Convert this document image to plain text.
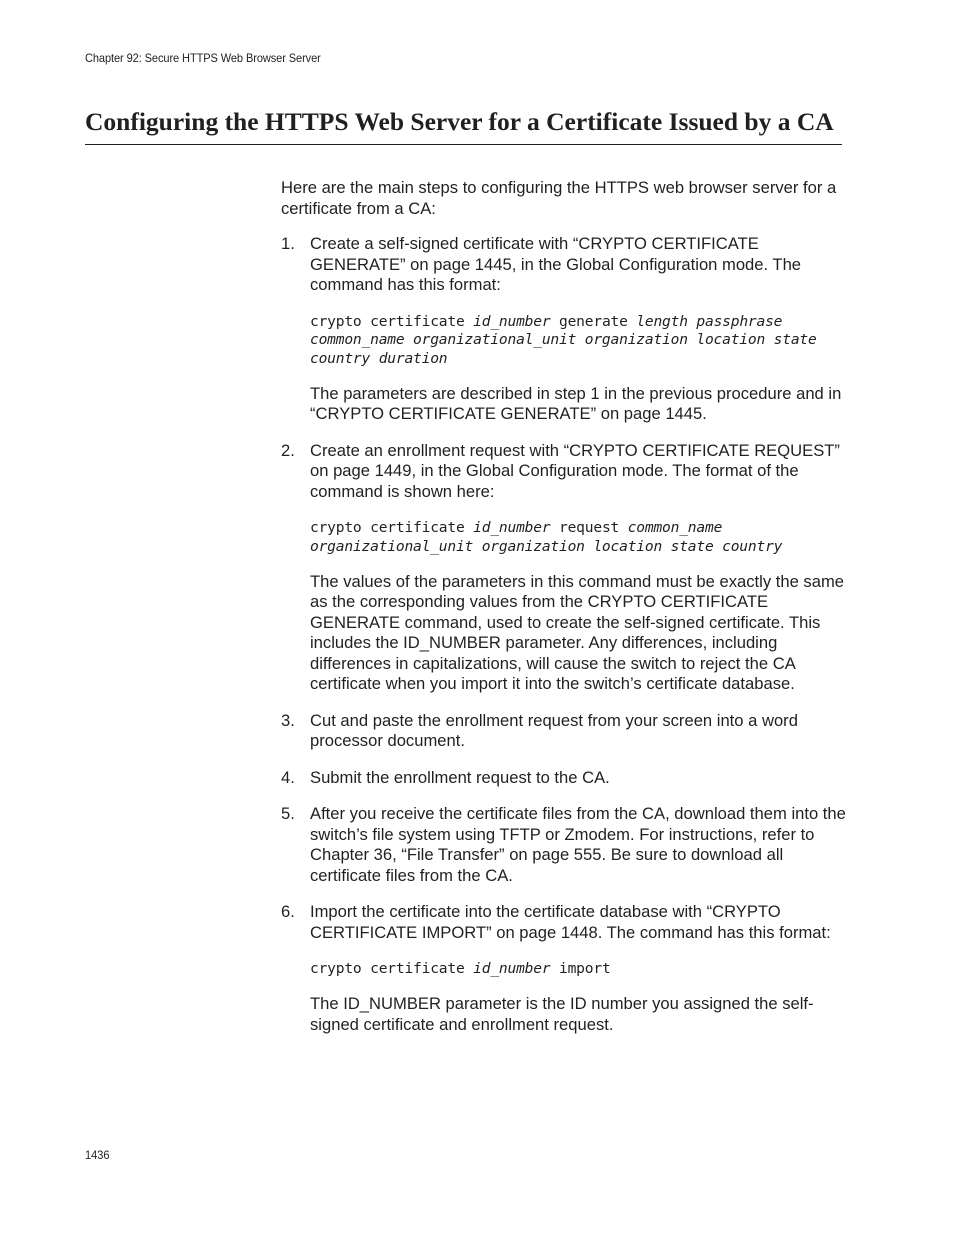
Chapter 92: Secure HTTPS Web Browser Server
Configuring the HTTPS Web Server for a Certificate Issued by a CA

Here are the main steps to configuring the HTTPS web browser server for a certificate from a CA:

1. Create a self-signed certificate with “CRYPTO CERTIFICATE GENERATE” on page 1445, in the Global Configuration mode. The command has this format:

crypto certificate id_number generate length passphrase common_name organizational_unit organization location state country duration

The parameters are described in step 1 in the previous procedure and in “CRYPTO CERTIFICATE GENERATE” on page 1445.

2. Create an enrollment request with “CRYPTO CERTIFICATE REQUEST” on page 1449, in the Global Configuration mode. The format of the command is shown here:

crypto certificate id_number request common_name organizational_unit organization location state country

The values of the parameters in this command must be exactly the same as the corresponding values from the CRYPTO CERTIFICATE GENERATE command, used to create the self-signed certificate. This includes the ID_NUMBER parameter. Any differences, including differences in capitalizations, will cause the switch to reject the CA certificate when you import it into the switch’s certificate database.

3. Cut and paste the enrollment request from your screen into a word processor document.

4. Submit the enrollment request to the CA.

5. After you receive the certificate files from the CA, download them into the switch’s file system using TFTP or Zmodem. For instructions, refer to Chapter 36, “File Transfer” on page 555. Be sure to download all certificate files from the CA.

6. Import the certificate into the certificate database with “CRYPTO CERTIFICATE IMPORT” on page 1448. The command has this format:

crypto certificate id_number import

The ID_NUMBER parameter is the ID number you assigned the self-signed certificate and enrollment request.

1436
